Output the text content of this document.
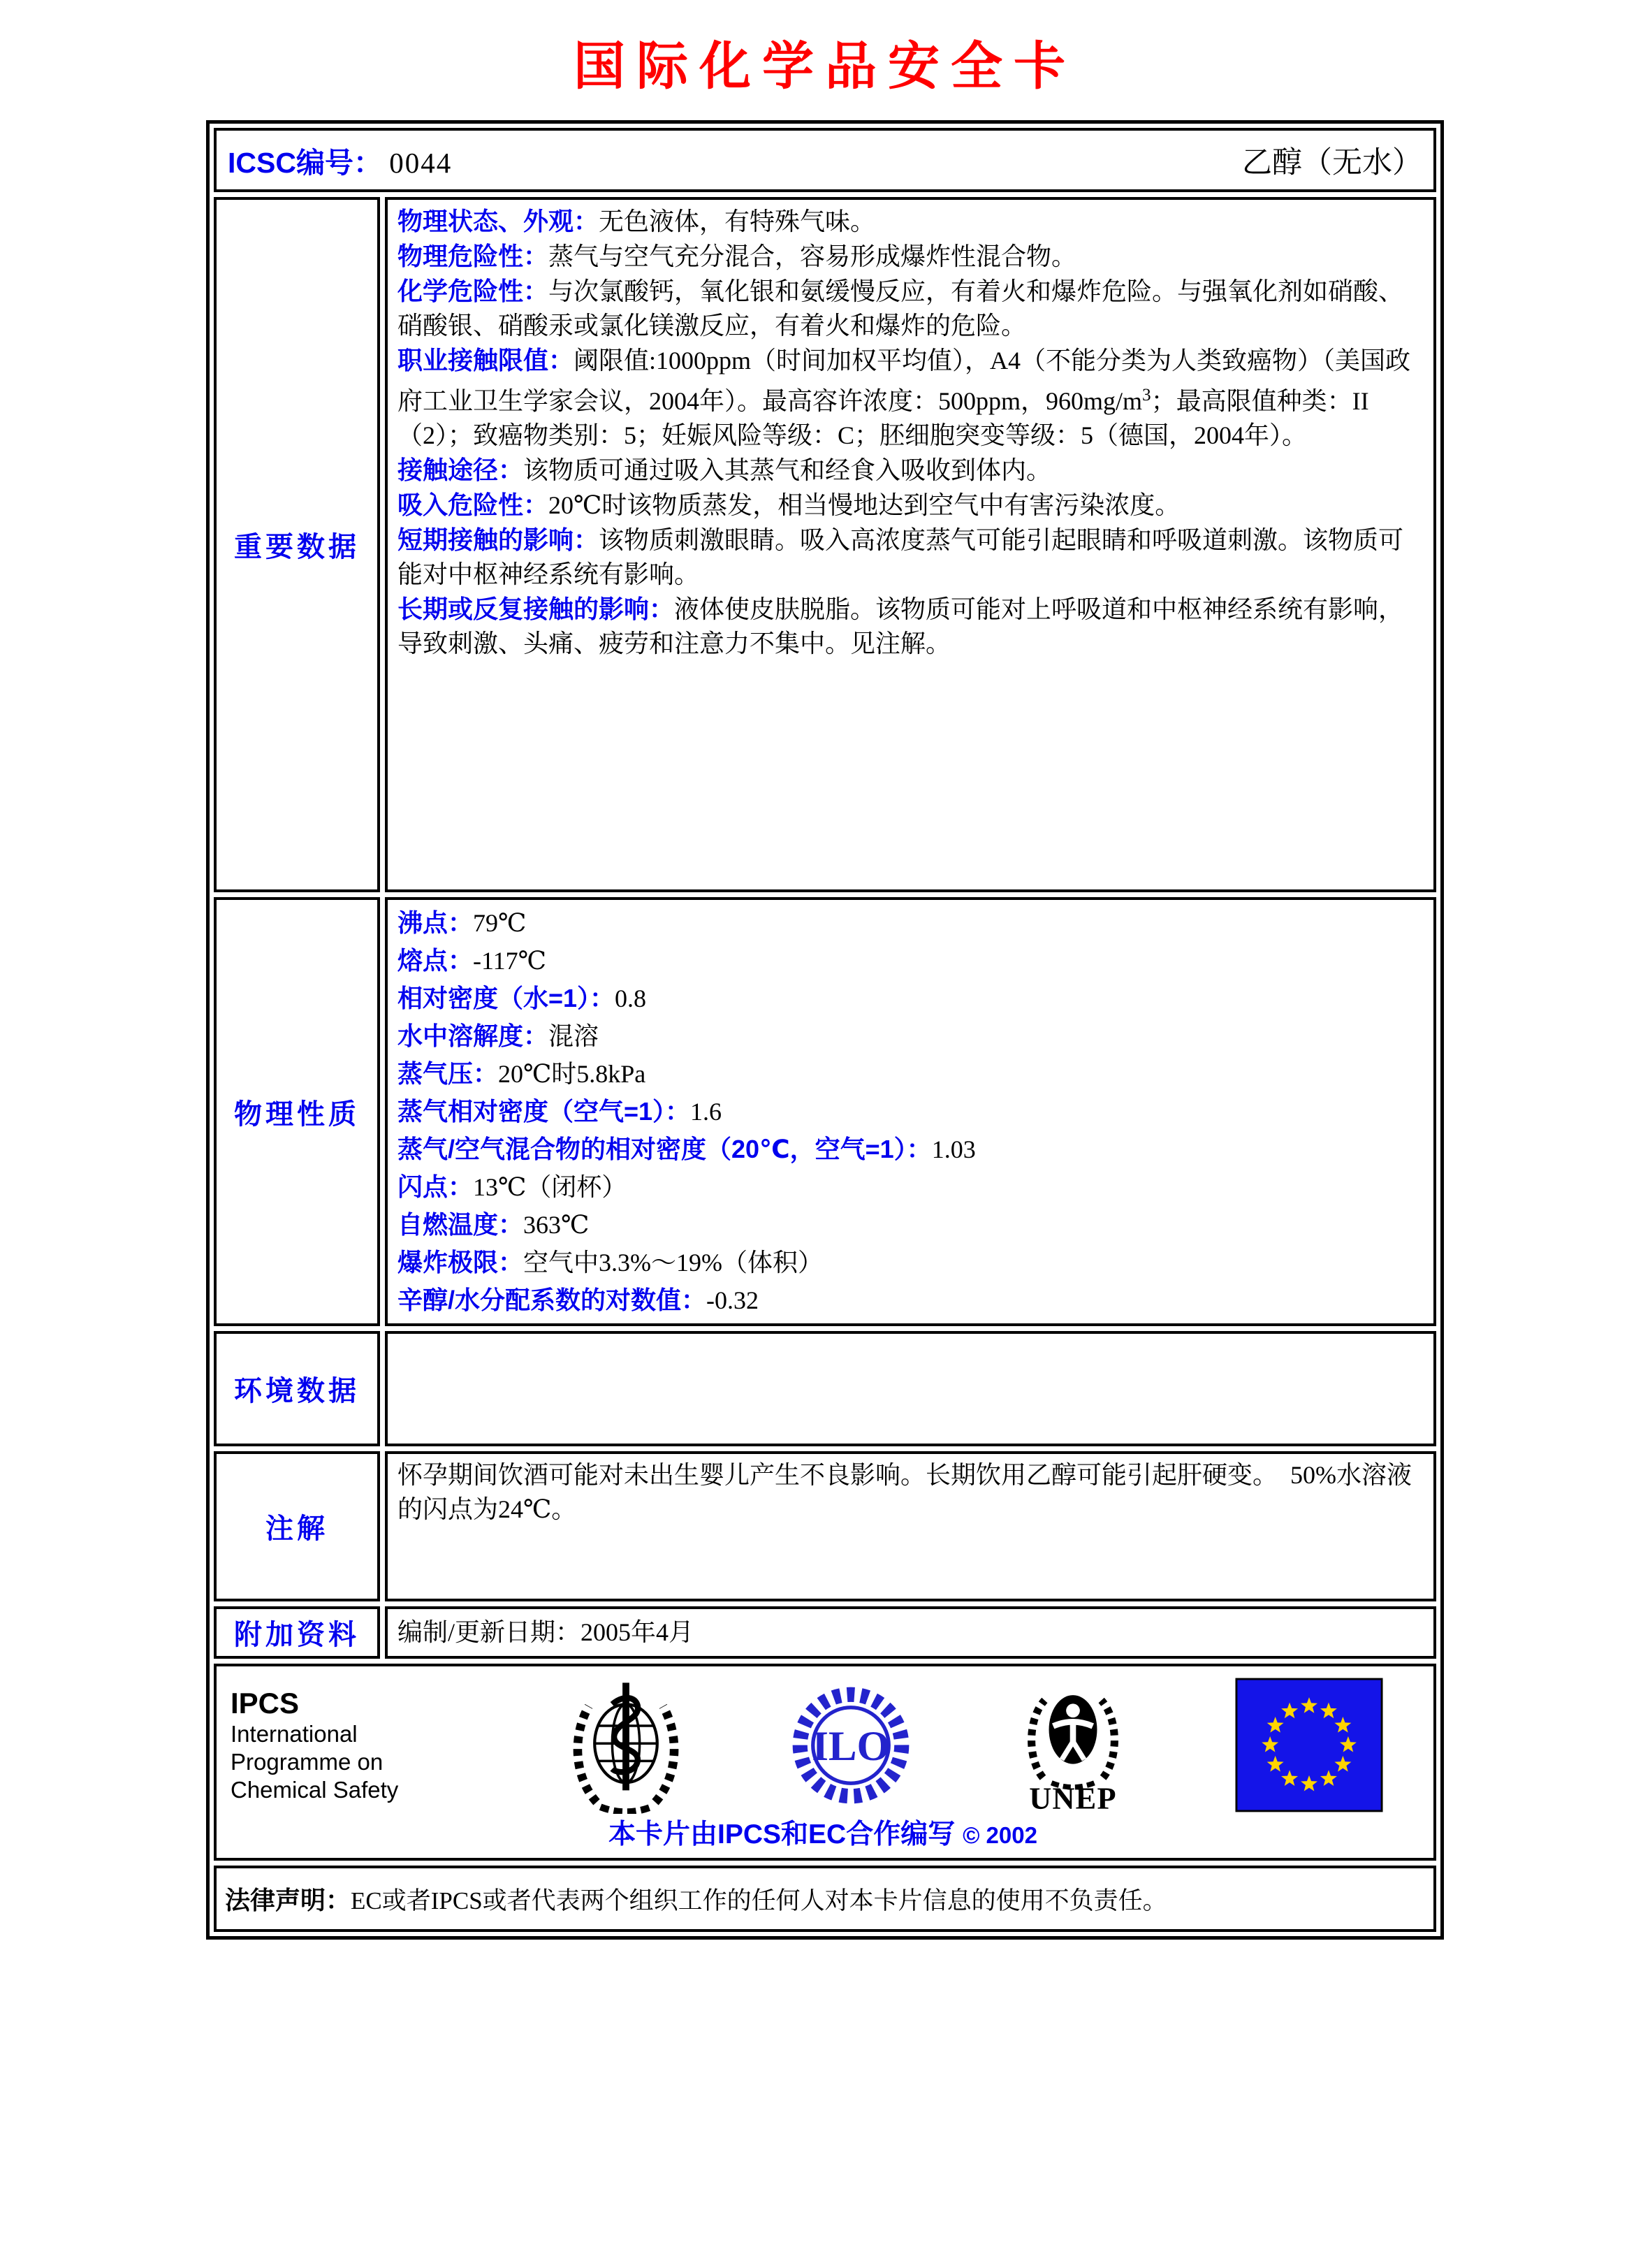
国际化学品安全卡
ICSC编号： 0044	乙醇（无水）
重要数据
物理状态、外观：无色液体，有特殊气味。
物理危险性：蒸气与空气充分混合，容易形成爆炸性混合物。
化学危险性：与次氯酸钙，氧化银和氨缓慢反应，有着火和爆炸危险。与强氧化剂如硝酸、硝酸银、硝酸汞或氯化镁激反应，有着火和爆炸的危险。
职业接触限值：阈限值:1000ppm（时间加权平均值），A4（不能分类为人类致癌物）（美国政府工业卫生学家会议，2004年）。最高容许浓度：500ppm，$960mg/m^3$；最高限值种类：II（2）；致癌物类别：5；妊娠风险等级：C；胚细胞突变等级：5（德国，2004年）。
接触途径：该物质可通过吸入其蒸气和经食入吸收到体内。
吸入危险性：20℃时该物质蒸发，相当慢地达到空气中有害污染浓度。
短期接触的影响：该物质刺激眼睛。吸入高浓度蒸气可能引起眼睛和呼吸道刺激。该物质可能对中枢神经系统有影响。
长期或反复接触的影响：液体使皮肤脱脂。该物质可能对上呼吸道和中枢神经系统有影响，导致刺激、头痛、疲劳和注意力不集中。见注解。
物理性质
沸点：79℃
熔点：-117℃
相对密度（水=1）：0.8
水中溶解度：混溶
蒸气压：20℃时5.8kPa
蒸气相对密度（空气=1）：1.6
蒸气/空气混合物的相对密度（20℃，空气=1）：1.03
闪点：13℃（闭杯）
自燃温度：363℃
爆炸极限：空气中3.3%～19%（体积）
辛醇/水分配系数的对数值：-0.32
环境数据
注解
怀孕期间饮酒可能对未出生婴儿产生不良影响。长期饮用乙醇可能引起肝硬变。　50%水溶液的闪点为24℃。
附加资料	编制/更新日期：2005年4月
IPCS
International
Programme on
Chemical Safety
ILO
UNEP
本卡片由IPCS和EC合作编写 © 2002
法律声明： EC或者IPCS或者代表两个组织工作的任何人对本卡片信息的使用不负责任。
